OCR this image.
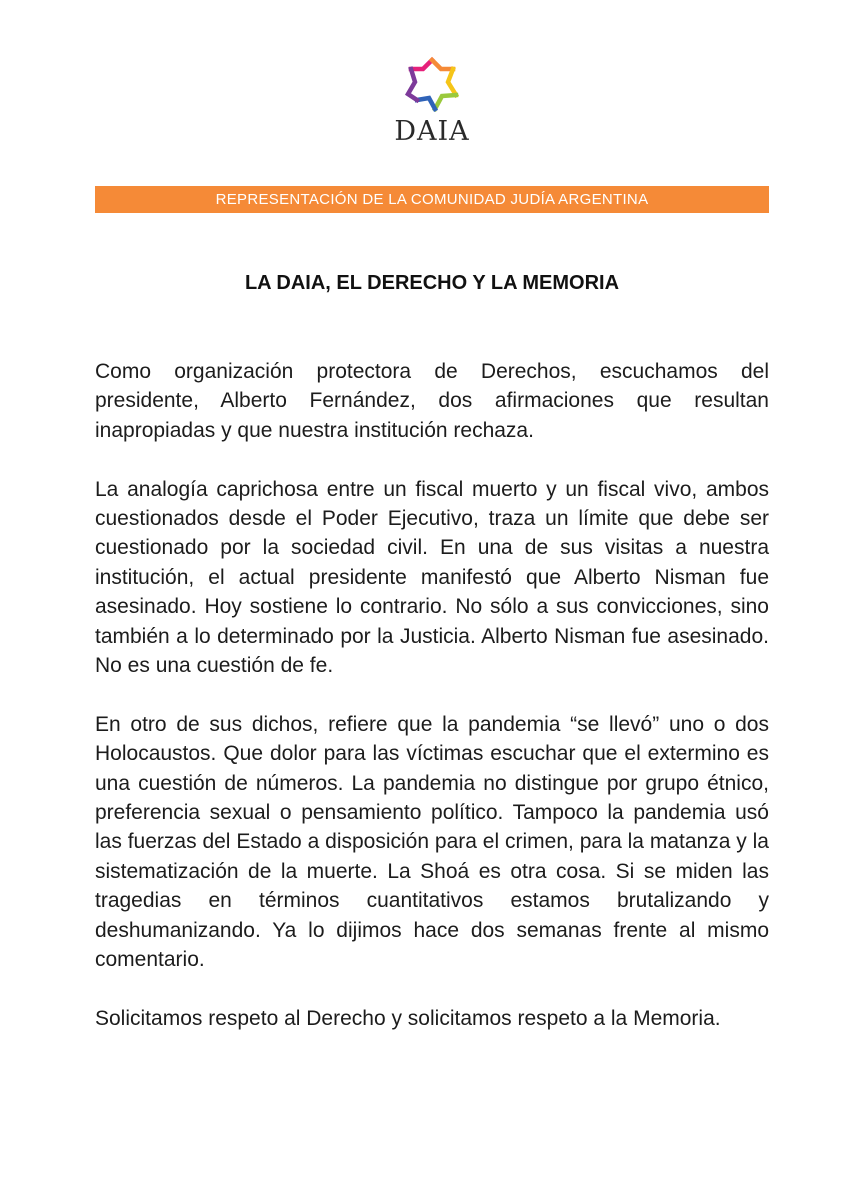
DAIA
REPRESENTACIÓN DE LA COMUNIDAD JUDÍA ARGENTINA
LA DAIA, EL DERECHO Y LA MEMORIA

Como organización protectora de Derechos, escuchamos del presidente, Alberto Fernández, dos afirmaciones que resultan inapropiadas y que nuestra institución rechaza.

La analogía caprichosa entre un fiscal muerto y un fiscal vivo, ambos cuestionados desde el Poder Ejecutivo, traza un límite que debe ser cuestionado por la sociedad civil. En una de sus visitas a nuestra institución, el actual presidente manifestó que Alberto Nisman fue asesinado. Hoy sostiene lo contrario. No sólo a sus convicciones, sino también a lo determinado por la Justicia. Alberto Nisman fue asesinado. No es una cuestión de fe.

En otro de sus dichos, refiere que la pandemia “se llevó” uno o dos Holocaustos. Que dolor para las víctimas escuchar que el extermino es una cuestión de números. La pandemia no distingue por grupo étnico, preferencia sexual o pensamiento político. Tampoco la pandemia usó las fuerzas del Estado a disposición para el crimen, para la matanza y la sistematización de la muerte. La Shoá es otra cosa. Si se miden las tragedias en términos cuantitativos estamos brutalizando y deshumanizando. Ya lo dijimos hace dos semanas frente al mismo comentario.

Solicitamos respeto al Derecho y solicitamos respeto a la Memoria.
